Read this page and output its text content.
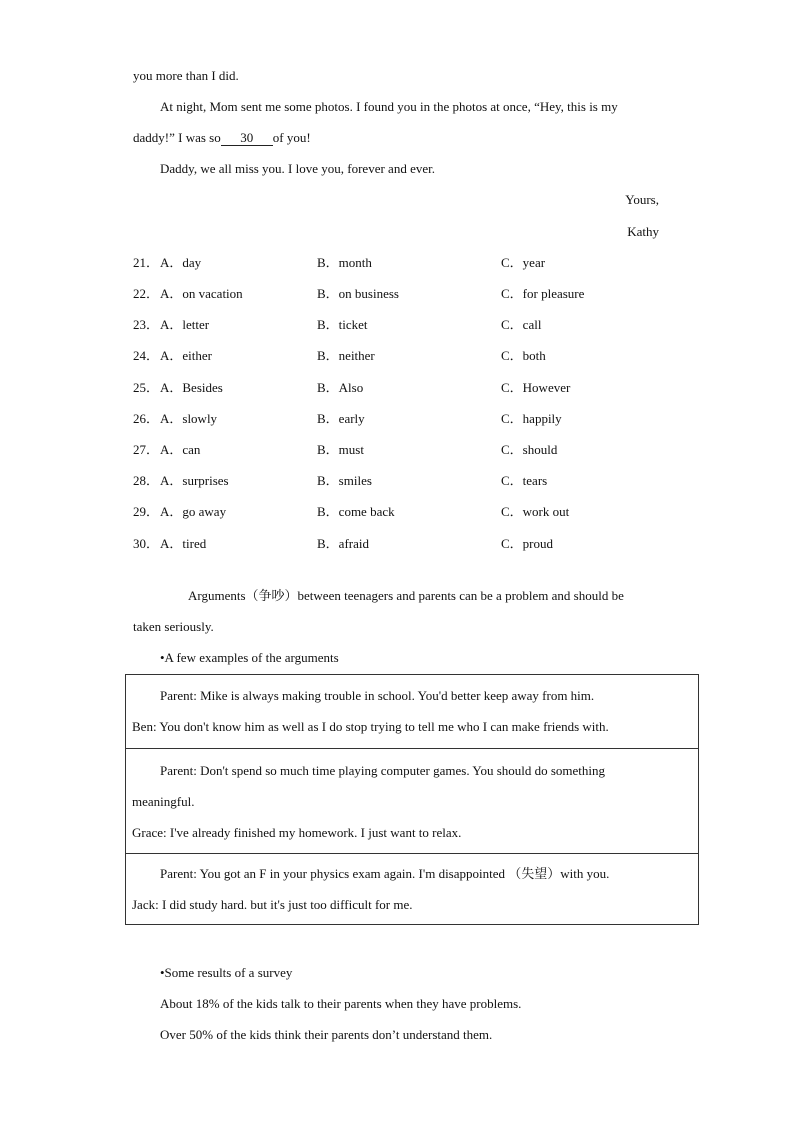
you more than I did.
At night, Mom sent me some photos. I found you in the photos at once, “Hey, this is my
daddy!” I was so 30 of you!
Daddy, we all miss you. I love you, forever and ever.
Yours,
Kathy
21． A．day	B．month	C．year
22． A．on vacation	B．on business	C．for pleasure
23． A．letter	B．ticket	C．call
24． A．either	B．neither	C．both
25． A．Besides	B．Also	C．However
26． A．slowly	B．early	C．happily
27． A．can	B．must	C．should
28． A．surprises	B．smiles	C．tears
29． A．go away	B．come back	C．work out
30． A．tired	B．afraid	C．proud
Arguments（争吵）between teenagers and parents can be a problem and should be
taken seriously.
•A few examples of the arguments
Parent: Mike is always making trouble in school. You'd better keep away from him.
Ben: You don't know him as well as I do stop trying to tell me who I can make friends with.
Parent: Don't spend so much time playing computer games. You should do something
meaningful.
Grace: I've already finished my homework. I just want to relax.
Parent: You got an F in your physics exam again. I'm disappointed （失望）with you.
Jack: I did study hard. but it's just too difficult for me.
•Some results of a survey
About 18% of the kids talk to their parents when they have problems.
Over 50% of the kids think their parents don’t understand them.
